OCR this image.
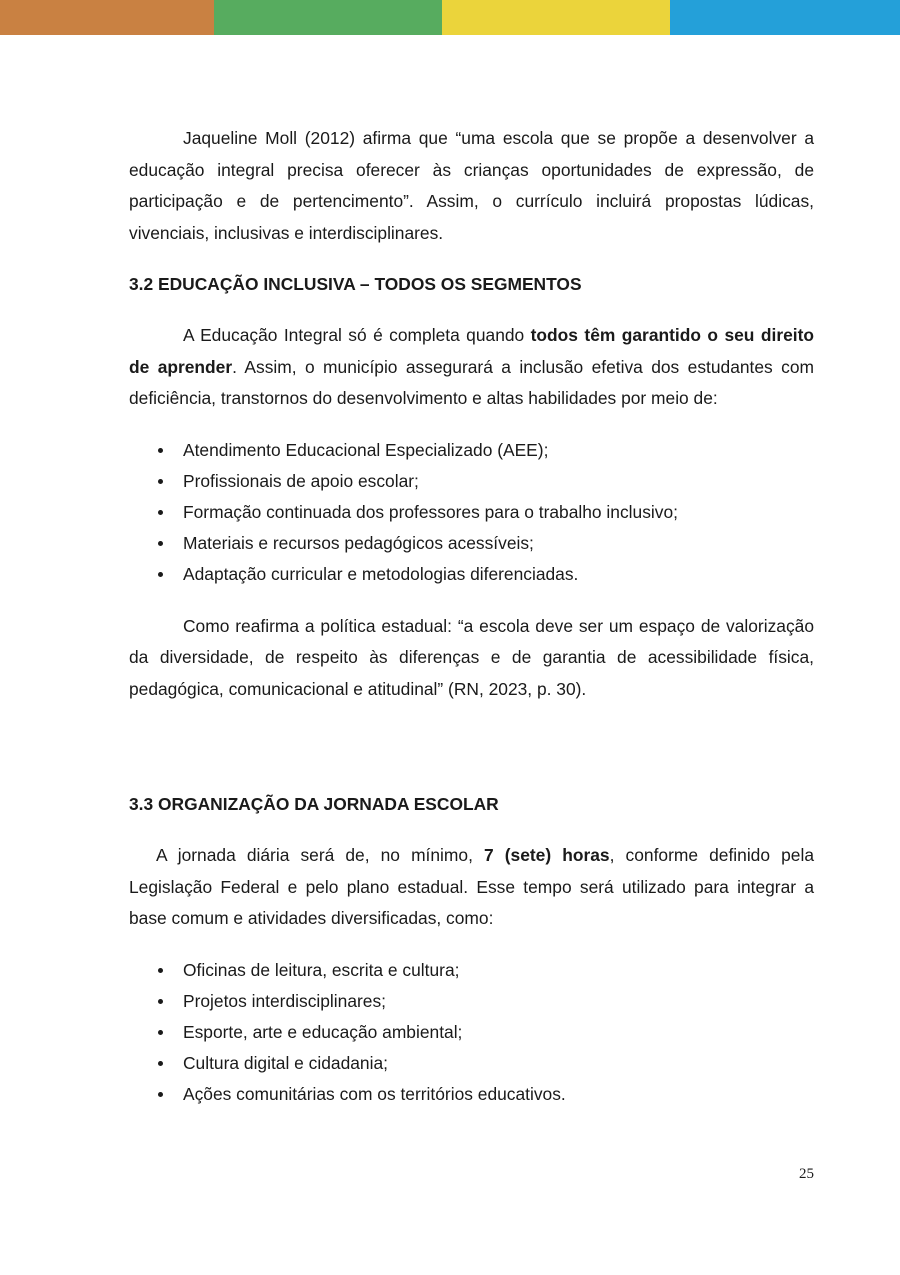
Jaqueline Moll (2012) afirma que “uma escola que se propõe a desenvolver a educação integral precisa oferecer às crianças oportunidades de expressão, de participação e de pertencimento”. Assim, o currículo incluirá propostas lúdicas, vivenciais, inclusivas e interdisciplinares.

3.2 EDUCAÇÃO INCLUSIVA – TODOS OS SEGMENTOS

A Educação Integral só é completa quando todos têm garantido o seu direito de aprender. Assim, o município assegurará a inclusão efetiva dos estudantes com deficiência, transtornos do desenvolvimento e altas habilidades por meio de:

Atendimento Educacional Especializado (AEE);
Profissionais de apoio escolar;
Formação continuada dos professores para o trabalho inclusivo;
Materiais e recursos pedagógicos acessíveis;
Adaptação curricular e metodologias diferenciadas.

Como reafirma a política estadual: “a escola deve ser um espaço de valorização da diversidade, de respeito às diferenças e de garantia de acessibilidade física, pedagógica, comunicacional e atitudinal” (RN, 2023, p. 30).

3.3 ORGANIZAÇÃO DA JORNADA ESCOLAR

A jornada diária será de, no mínimo, 7 (sete) horas, conforme definido pela Legislação Federal e pelo plano estadual. Esse tempo será utilizado para integrar a base comum e atividades diversificadas, como:

Oficinas de leitura, escrita e cultura;
Projetos interdisciplinares;
Esporte, arte e educação ambiental;
Cultura digital e cidadania;
Ações comunitárias com os territórios educativos.
25
